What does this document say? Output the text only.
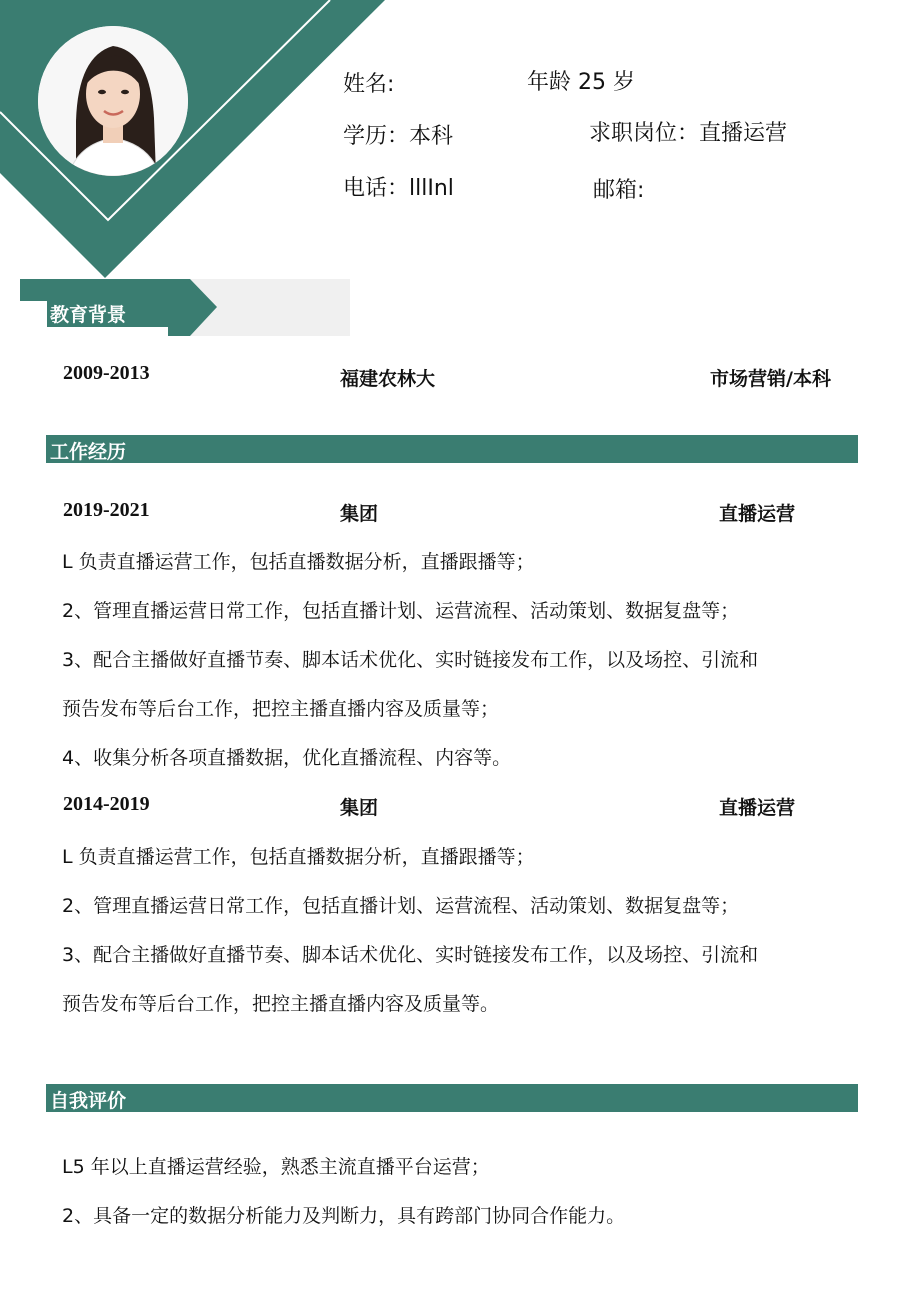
姓名:	年龄 25 岁
学历：本科	求职岗位：直播运营
电话：lllInl	邮箱:
教育背景
2009-2013	福建农林大	市场营销/本科
工作经历
2019-2021	集团	直播运营
L 负责直播运营工作，包括直播数据分析，直播跟播等；
2、管理直播运营日常工作，包括直播计划、运营流程、活动策划、数据复盘等；
3、配合主播做好直播节奏、脚本话术优化、实时链接发布工作，以及场控、引流和
预告发布等后台工作，把控主播直播内容及质量等；
4、收集分析各项直播数据，优化直播流程、内容等。
2014-2019	集团	直播运营
L 负责直播运营工作，包括直播数据分析，直播跟播等；
2、管理直播运营日常工作，包括直播计划、运营流程、活动策划、数据复盘等；
3、配合主播做好直播节奏、脚本话术优化、实时链接发布工作，以及场控、引流和
预告发布等后台工作，把控主播直播内容及质量等。
自我评价
L5 年以上直播运营经验，熟悉主流直播平台运营；
2、具备一定的数据分析能力及判断力，具有跨部门协同合作能力。
